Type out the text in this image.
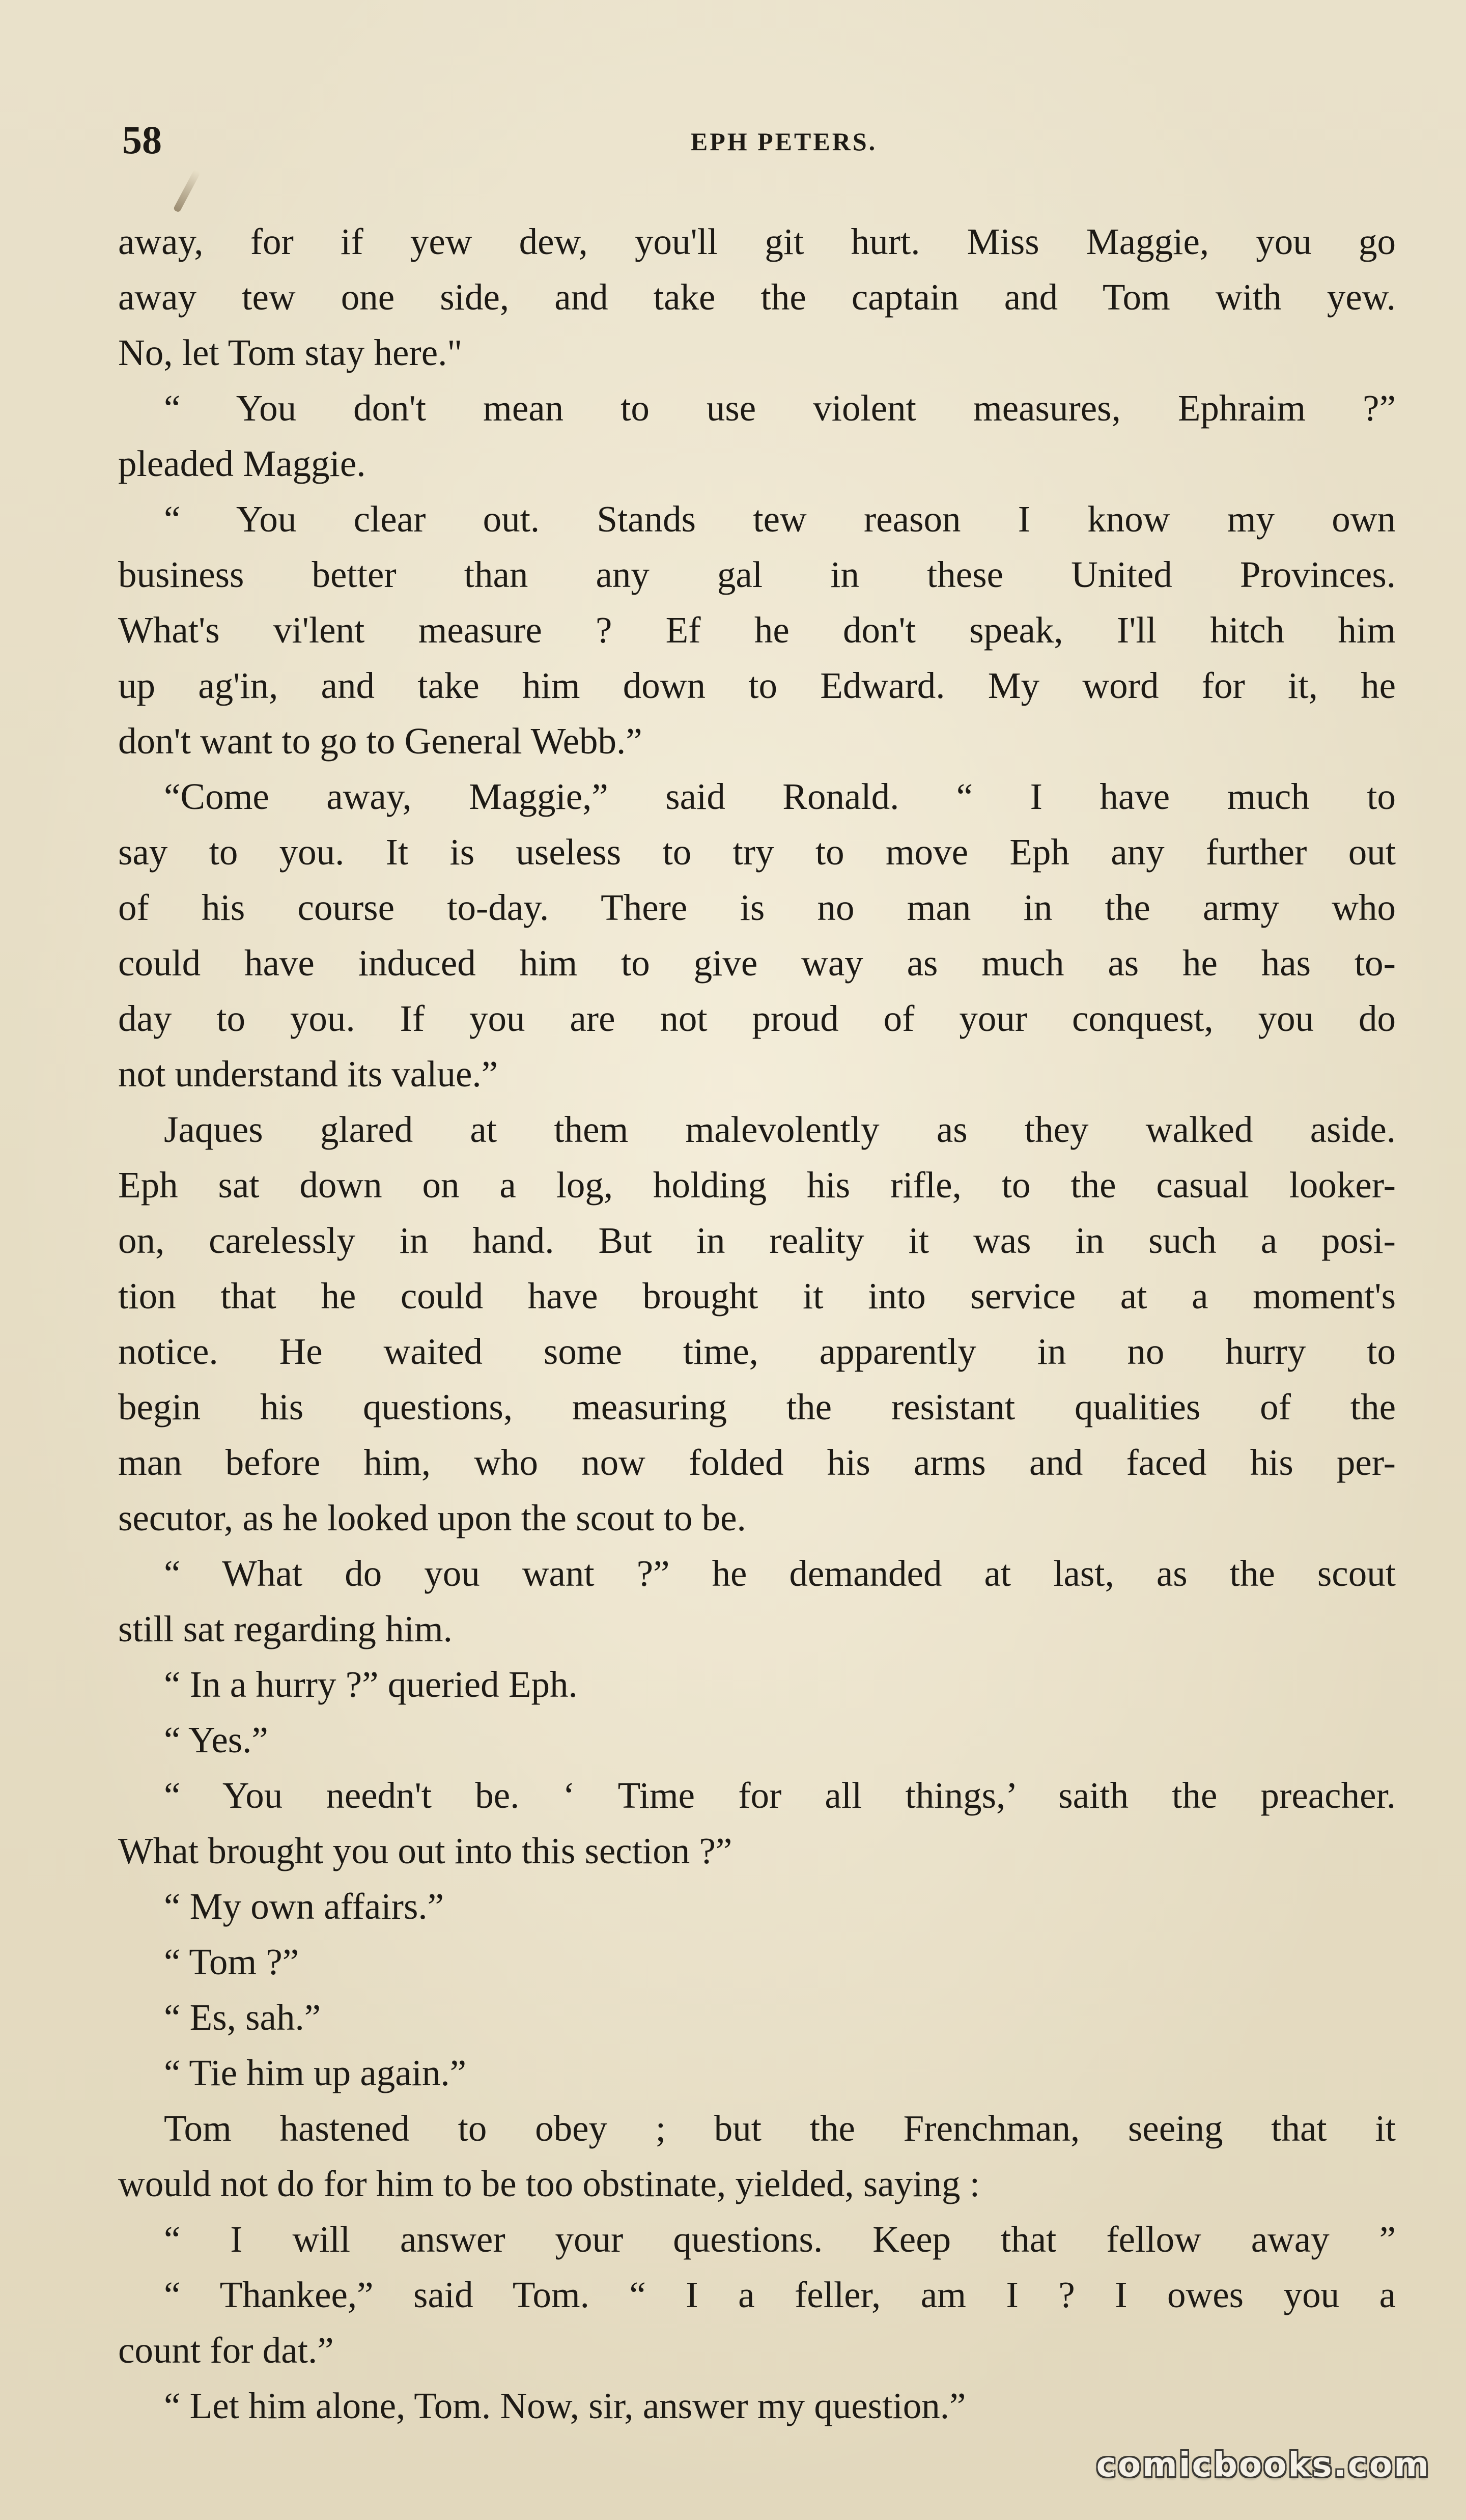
58	EPH PETERS.
away, for if yew dew, you'll git hurt. Miss Maggie, you go
away tew one side, and take the captain and Tom with yew.
No, let Tom stay here."
“ You don't mean to use violent measures, Ephraim ?”
pleaded Maggie.
“ You clear out. Stands tew reason I know my own
business better than any gal in these United Provinces.
What's vi'lent measure ? Ef he don't speak, I'll hitch him
up ag'in, and take him down to Edward. My word for it, he
don't want to go to General Webb.”
“Come away, Maggie,” said Ronald. “ I have much to
say to you. It is useless to try to move Eph any further out
of his course to-day. There is no man in the army who
could have induced him to give way as much as he has to-
day to you. If you are not proud of your conquest, you do
not understand its value.”
Jaques glared at them malevolently as they walked aside.
Eph sat down on a log, holding his rifle, to the casual looker-
on, carelessly in hand. But in reality it was in such a posi-
tion that he could have brought it into service at a moment's
notice. He waited some time, apparently in no hurry to
begin his questions, measuring the resistant qualities of the
man before him, who now folded his arms and faced his per-
secutor, as he looked upon the scout to be.
“ What do you want ?” he demanded at last, as the scout
still sat regarding him.
“ In a hurry ?” queried Eph.
“ Yes.”
“ You needn't be. ‘ Time for all things,’ saith the preacher.
What brought you out into this section ?”
“ My own affairs.”
“ Tom ?”
“ Es, sah.”
“ Tie him up again.”
Tom hastened to obey ; but the Frenchman, seeing that it
would not do for him to be too obstinate, yielded, saying :
“ I will answer your questions. Keep that fellow away ”
“ Thankee,” said Tom. “ I a feller, am I ? I owes you a
count for dat.”
“ Let him alone, Tom. Now, sir, answer my question.”
comicbooks.com
